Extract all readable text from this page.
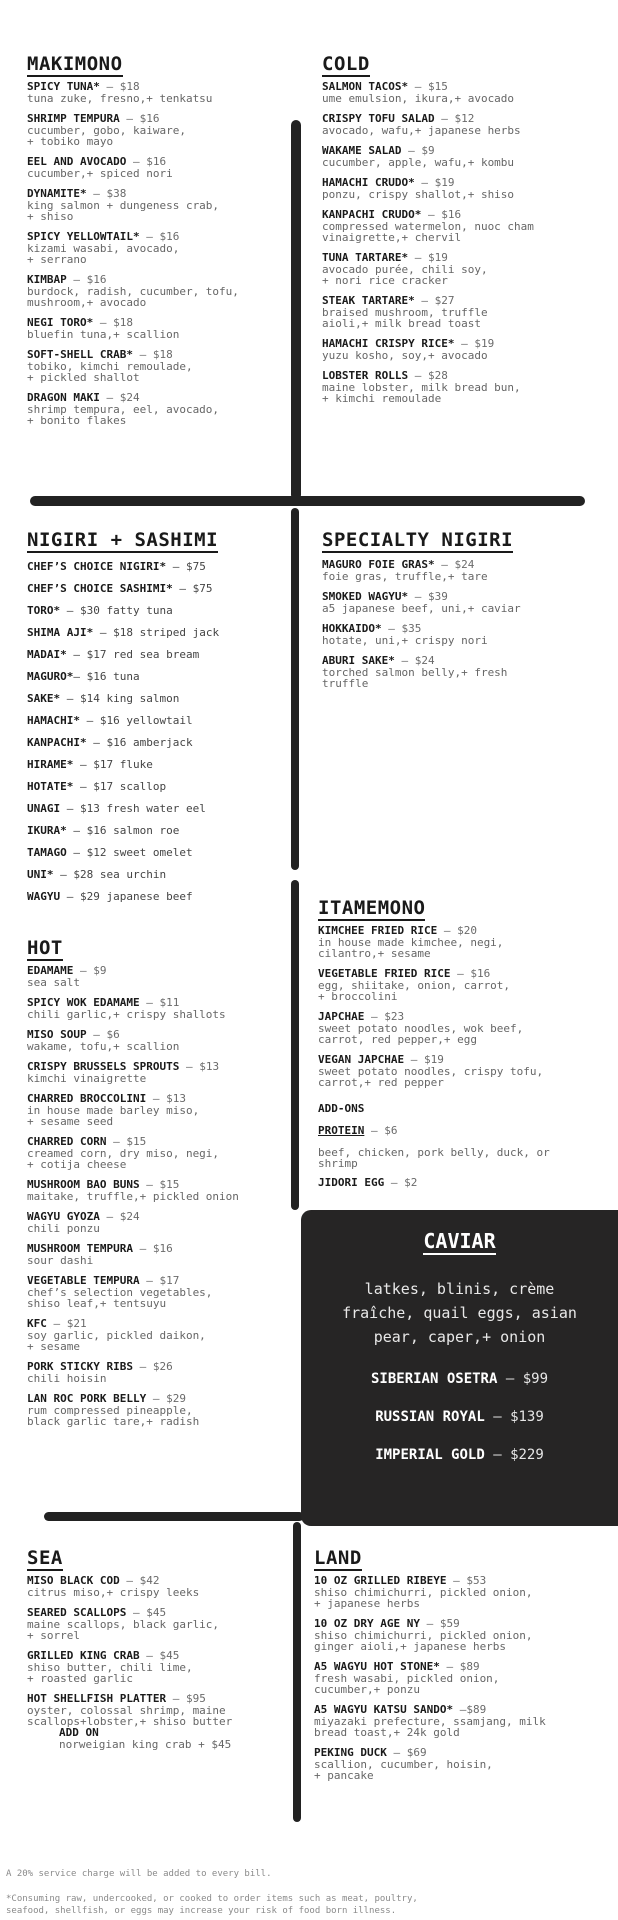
MAKIMONO
SPICY TUNA* – $18
tuna zuke, fresno,+ tenkatsu
SHRIMP TEMPURA – $16
cucumber, gobo, kaiware,
+ tobiko mayo
EEL AND AVOCADO – $16
cucumber,+ spiced nori
DYNAMITE* – $38
king salmon + dungeness crab,
+ shiso
SPICY YELLOWTAIL* – $16
kizami wasabi, avocado,
+ serrano
KIMBAP – $16
burdock, radish, cucumber, tofu,
mushroom,+ avocado
NEGI TORO* – $18
bluefin tuna,+ scallion
SOFT-SHELL CRAB* – $18
tobiko, kimchi remoulade,
+ pickled shallot
DRAGON MAKI – $24
shrimp tempura, eel, avocado,
+ bonito flakes
COLD
SALMON TACOS* – $15
ume emulsion, ikura,+ avocado
CRISPY TOFU SALAD – $12
avocado, wafu,+ japanese herbs
WAKAME SALAD – $9
cucumber, apple, wafu,+ kombu
HAMACHI CRUDO* – $19
ponzu, crispy shallot,+ shiso
KANPACHI CRUDO* – $16
compressed watermelon, nuoc cham
vinaigrette,+ chervil
TUNA TARTARE* – $19
avocado purée, chili soy,
+ nori rice cracker
STEAK TARTARE* – $27
braised mushroom, truffle
aioli,+ milk bread toast
HAMACHI CRISPY RICE* – $19
yuzu kosho, soy,+ avocado
LOBSTER ROLLS – $28
maine lobster, milk bread bun,
+ kimchi remoulade
NIGIRI + SASHIMI
CHEF’S CHOICE NIGIRI* – $75
CHEF’S CHOICE SASHIMI* – $75
TORO* – $30 fatty tuna
SHIMA AJI* – $18 striped jack
MADAI* – $17 red sea bream
MAGURO*– $16 tuna
SAKE* – $14 king salmon
HAMACHI* – $16 yellowtail
KANPACHI* – $16 amberjack
HIRAME* – $17 fluke
HOTATE* – $17 scallop
UNAGI – $13 fresh water eel
IKURA* – $16 salmon roe
TAMAGO – $12 sweet omelet
UNI* – $28 sea urchin
WAGYU – $29 japanese beef
SPECIALTY NIGIRI
MAGURO FOIE GRAS* – $24
foie gras, truffle,+ tare
SMOKED WAGYU* – $39
a5 japanese beef, uni,+ caviar
HOKKAIDO* – $35
hotate, uni,+ crispy nori
ABURI SAKE* – $24
torched salmon belly,+ fresh
truffle
ITAMEMONO
KIMCHEE FRIED RICE – $20
in house made kimchee, negi,
cilantro,+ sesame
VEGETABLE FRIED RICE – $16
egg, shiitake, onion, carrot,
+ broccolini
JAPCHAE – $23
sweet potato noodles, wok beef,
carrot, red pepper,+ egg
VEGAN JAPCHAE – $19
sweet potato noodles, crispy tofu,
carrot,+ red pepper
ADD-ONS
PROTEIN – $6
beef, chicken, pork belly, duck, or
shrimp
JIDORI EGG – $2
CAVIAR
latkes, blinis, crème fraîche, quail eggs, asian pear, caper,+ onion
SIBERIAN OSETRA – $99
RUSSIAN ROYAL – $139
IMPERIAL GOLD – $229
HOT
EDAMAME – $9
sea salt
SPICY WOK EDAMAME – $11
chili garlic,+ crispy shallots
MISO SOUP – $6
wakame, tofu,+ scallion
CRISPY BRUSSELS SPROUTS – $13
kimchi vinaigrette
CHARRED BROCCOLINI – $13
in house made barley miso,
+ sesame seed
CHARRED CORN – $15
creamed corn, dry miso, negi,
+ cotija cheese
MUSHROOM BAO BUNS – $15
maitake, truffle,+ pickled onion
WAGYU GYOZA – $24
chili ponzu
MUSHROOM TEMPURA – $16
sour dashi
VEGETABLE TEMPURA – $17
chef’s selection vegetables,
shiso leaf,+ tentsuyu
KFC – $21
soy garlic, pickled daikon,
+ sesame
PORK STICKY RIBS – $26
chili hoisin
LAN ROC PORK BELLY – $29
rum compressed pineapple,
black garlic tare,+ radish
SEA
MISO BLACK COD – $42
citrus miso,+ crispy leeks
SEARED SCALLOPS – $45
maine scallops, black garlic,
+ sorrel
GRILLED KING CRAB – $45
shiso butter, chili lime,
+ roasted garlic
HOT SHELLFISH PLATTER – $95
oyster, colossal shrimp, maine
scallops+lobster,+ shiso butter
ADD ON
norweigian king crab + $45
LAND
10 OZ GRILLED RIBEYE – $53
shiso chimichurri, pickled onion,
+ japanese herbs
10 OZ DRY AGE NY – $59
shiso chimichurri, pickled onion,
ginger aioli,+ japanese herbs
A5 WAGYU HOT STONE* – $89
fresh wasabi, pickled onion,
cucumber,+ ponzu
A5 WAGYU KATSU SANDO* –$89
miyazaki prefecture, ssamjang, milk
bread toast,+ 24k gold
PEKING DUCK – $69
scallion, cucumber, hoisin,
+ pancake
A 20% service charge will be added to every bill.
*Consuming raw, undercooked, or cooked to order items such as meat, poultry,
seafood, shellfish, or eggs may increase your risk of food born illness.
